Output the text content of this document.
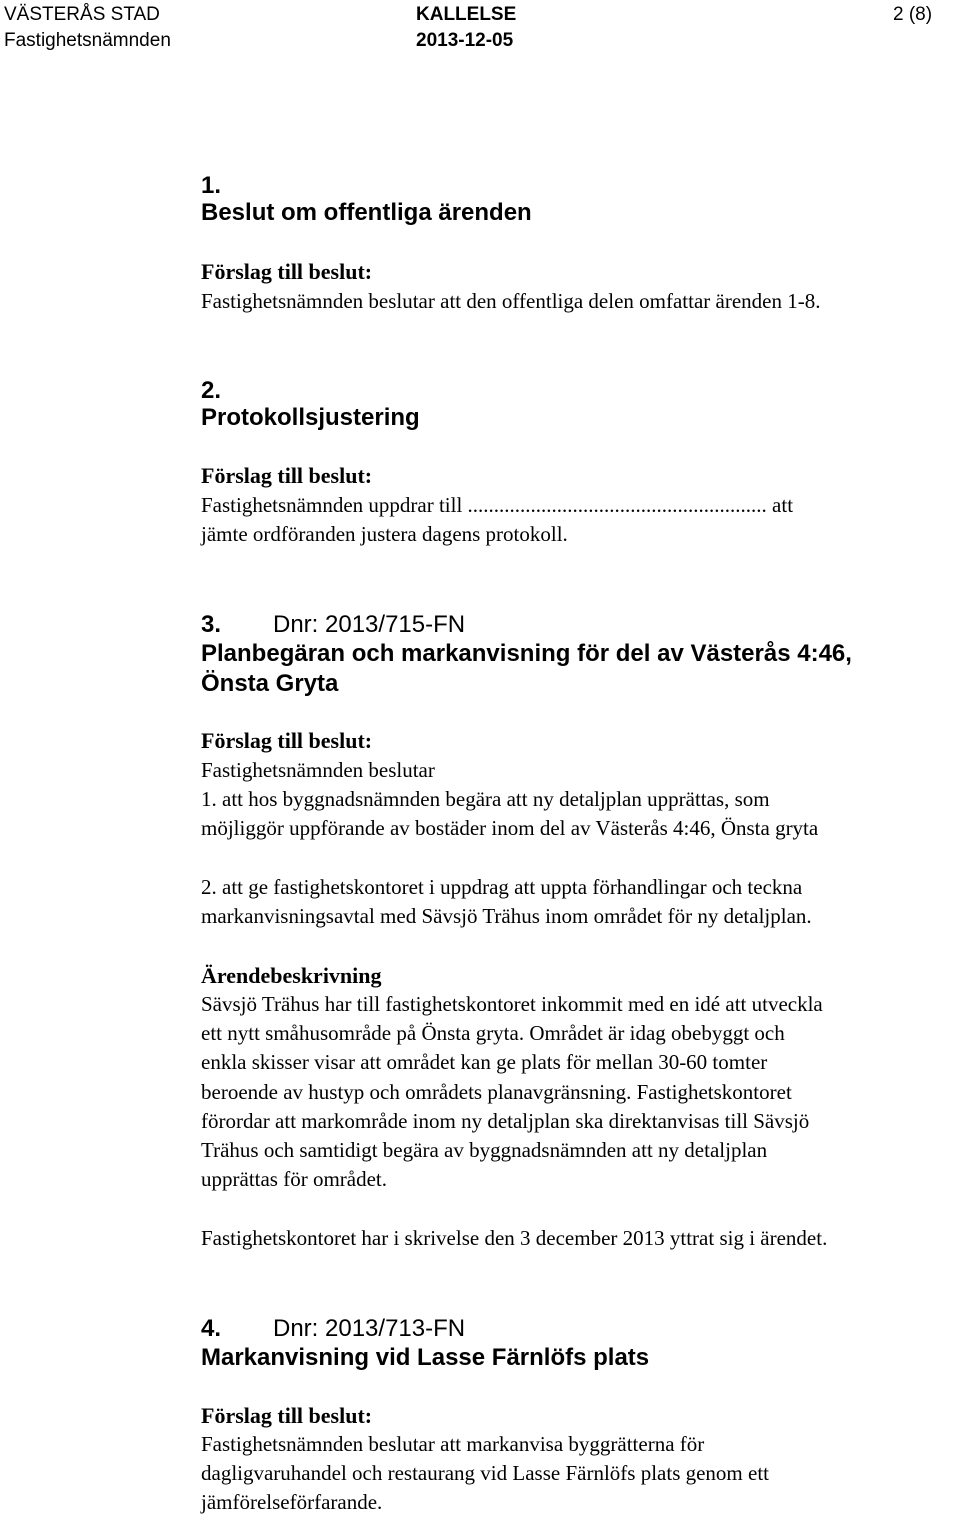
VÄSTERÅS STAD	KALLELSE	2 (8)
Fastighetsnämnden	2013-12-05
1.
Beslut om offentliga ärenden
Förslag till beslut:
Fastighetsnämnden beslutar att den offentliga delen omfattar ärenden 1-8.
2.
Protokollsjustering
Förslag till beslut:
Fastighetsnämnden uppdrar till ......................................................... att
jämte ordföranden justera dagens protokoll.
3. Dnr: 2013/715-FN
Planbegäran och markanvisning för del av Västerås 4:46,
Önsta Gryta
Förslag till beslut:
Fastighetsnämnden beslutar
1. att hos byggnadsnämnden begära att ny detaljplan upprättas, som
möjliggör uppförande av bostäder inom del av Västerås 4:46, Önsta gryta
2. att ge fastighetskontoret i uppdrag att uppta förhandlingar och teckna
markanvisningsavtal med Sävsjö Trähus inom området för ny detaljplan.
Ärendebeskrivning
Sävsjö Trähus har till fastighetskontoret inkommit med en idé att utveckla
ett nytt småhusområde på Önsta gryta. Området är idag obebyggt och
enkla skisser visar att området kan ge plats för mellan 30-60 tomter
beroende av hustyp och områdets planavgränsning. Fastighetskontoret
förordar att markområde inom ny detaljplan ska direktanvisas till Sävsjö
Trähus och samtidigt begära av byggnadsnämnden att ny detaljplan
upprättas för området.
Fastighetskontoret har i skrivelse den 3 december 2013 yttrat sig i ärendet.
4. Dnr: 2013/713-FN
Markanvisning vid Lasse Färnlöfs plats
Förslag till beslut:
Fastighetsnämnden beslutar att markanvisa byggrätterna för
dagligvaruhandel och restaurang vid Lasse Färnlöfs plats genom ett
jämförelseförfarande.
